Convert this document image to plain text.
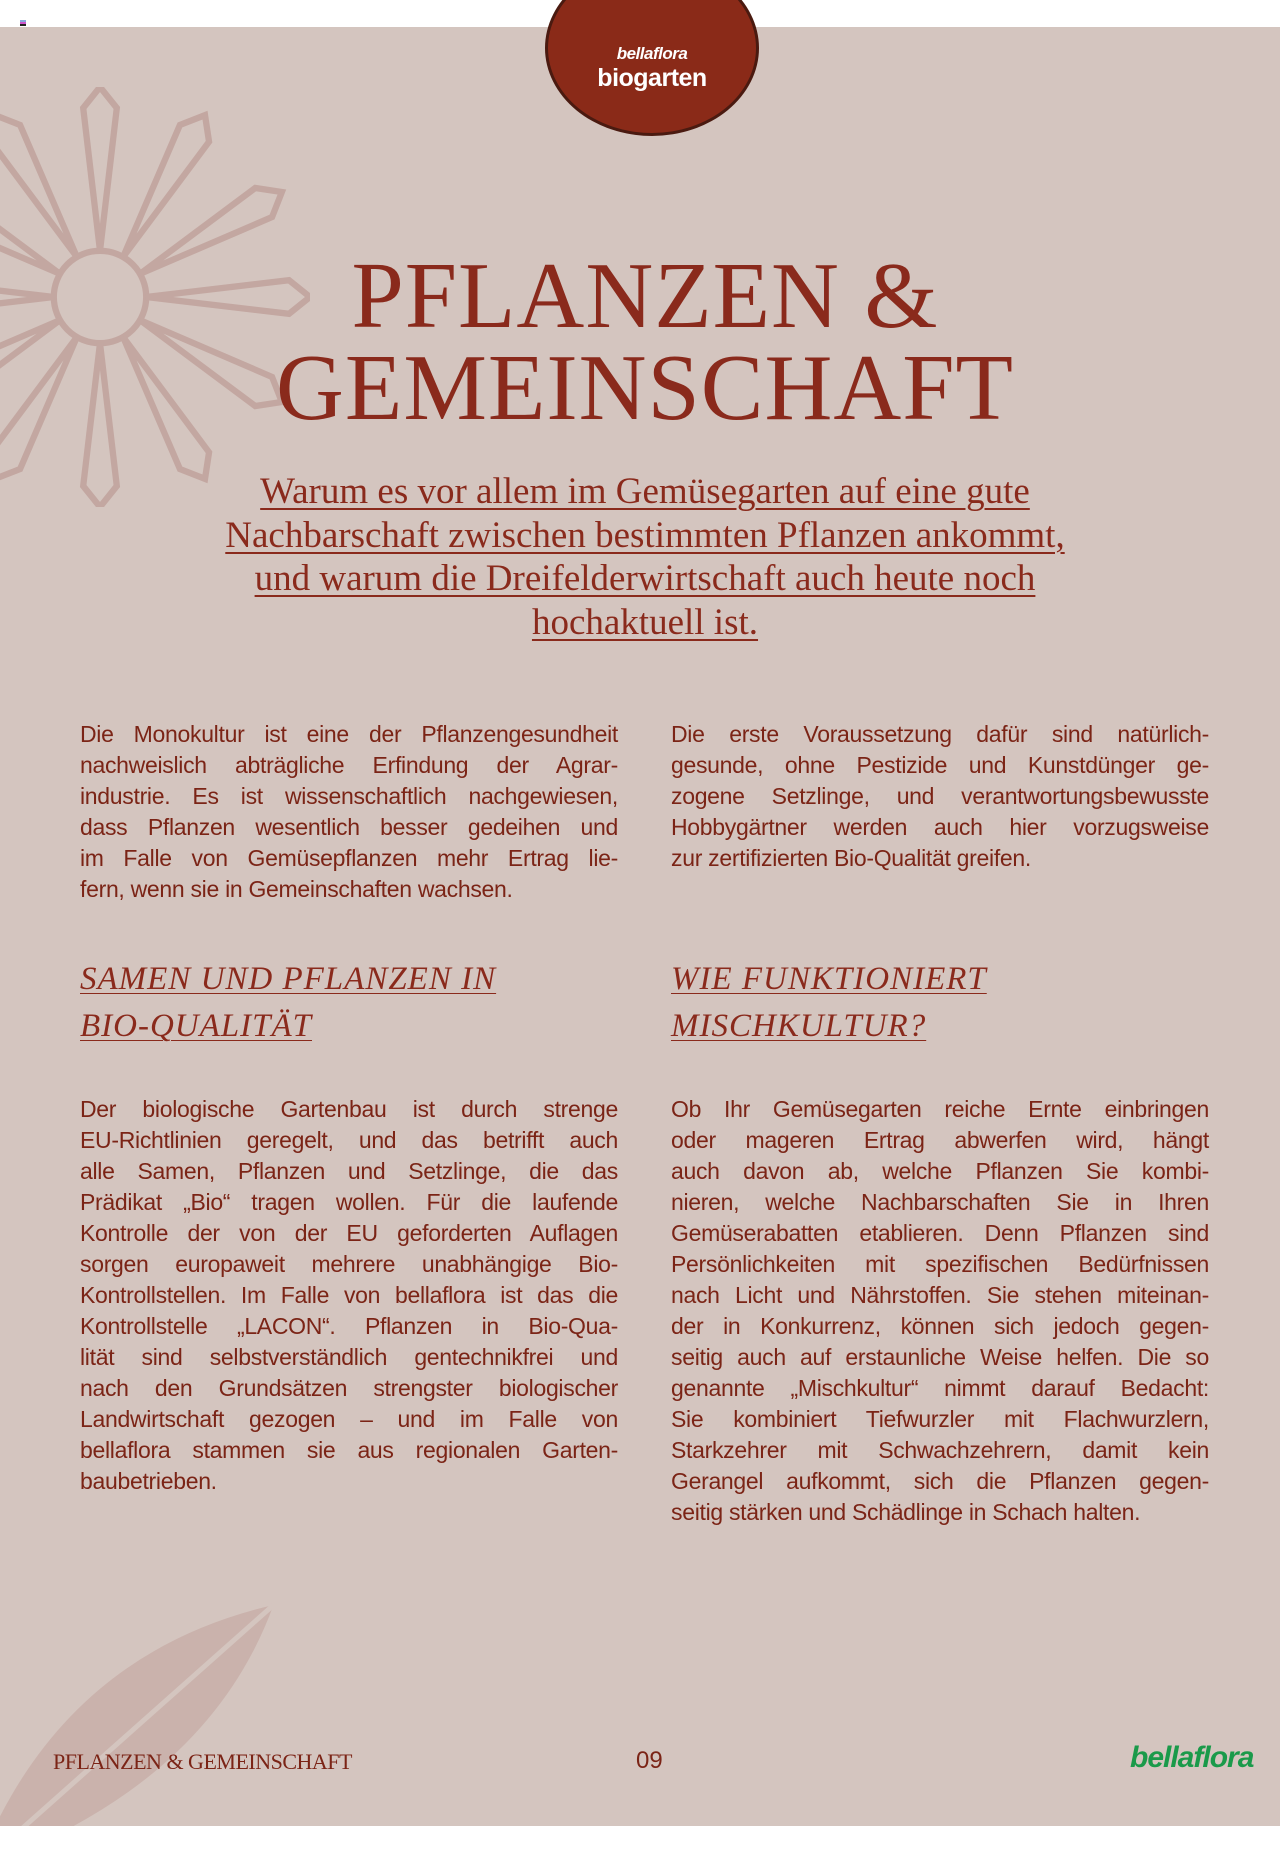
bellaflora
biogarten
PFLANZEN &
GEMEINSCHAFT
Warum es vor allem im Gemüsegarten auf eine gute Nachbarschaft zwischen bestimmten Pflanzen ankommt, und warum die Dreifelderwirtschaft auch heute noch hochaktuell ist.
Die Monokultur ist eine der Pflanzengesundheit
nachweislich abträgliche Erfindung der Agrar-
industrie. Es ist wissenschaftlich nachgewiesen,
dass Pflanzen wesentlich besser gedeihen und
im Falle von Gemüsepflanzen mehr Ertrag lie-
fern, wenn sie in Gemeinschaften wachsen.
Die erste Voraussetzung dafür sind natürlich-
gesunde, ohne Pestizide und Kunstdünger ge-
zogene Setzlinge, und verantwortungsbewusste
Hobbygärtner werden auch hier vorzugsweise
zur zertifizierten Bio-Qualität greifen.
SAMEN UND PFLANZEN IN
BIO-QUALITÄT
WIE FUNKTIONIERT
MISCHKULTUR?
Der biologische Gartenbau ist durch strenge
EU-Richtlinien geregelt, und das betrifft auch
alle Samen, Pflanzen und Setzlinge, die das
Prädikat „Bio“ tragen wollen. Für die laufende
Kontrolle der von der EU geforderten Auflagen
sorgen europaweit mehrere unabhängige Bio-
Kontrollstellen. Im Falle von bellaflora ist das die
Kontrollstelle „LACON“. Pflanzen in Bio-Qua-
lität sind selbstverständlich gentechnikfrei und
nach den Grundsätzen strengster biologischer
Landwirtschaft gezogen – und im Falle von
bellaflora stammen sie aus regionalen Garten-
baubetrieben.
Ob Ihr Gemüsegarten reiche Ernte einbringen
oder mageren Ertrag abwerfen wird, hängt
auch davon ab, welche Pflanzen Sie kombi-
nieren, welche Nachbarschaften Sie in Ihren
Gemüserabatten etablieren. Denn Pflanzen sind
Persönlichkeiten mit spezifischen Bedürfnissen
nach Licht und Nährstoffen. Sie stehen miteinan-
der in Konkurrenz, können sich jedoch gegen-
seitig auch auf erstaunliche Weise helfen. Die so
genannte „Mischkultur“ nimmt darauf Bedacht:
Sie kombiniert Tiefwurzler mit Flachwurzlern,
Starkzehrer mit Schwachzehrern, damit kein
Gerangel aufkommt, sich die Pflanzen gegen-
seitig stärken und Schädlinge in Schach halten.
PFLANZEN & GEMEINSCHAFT	09	bellaflora
